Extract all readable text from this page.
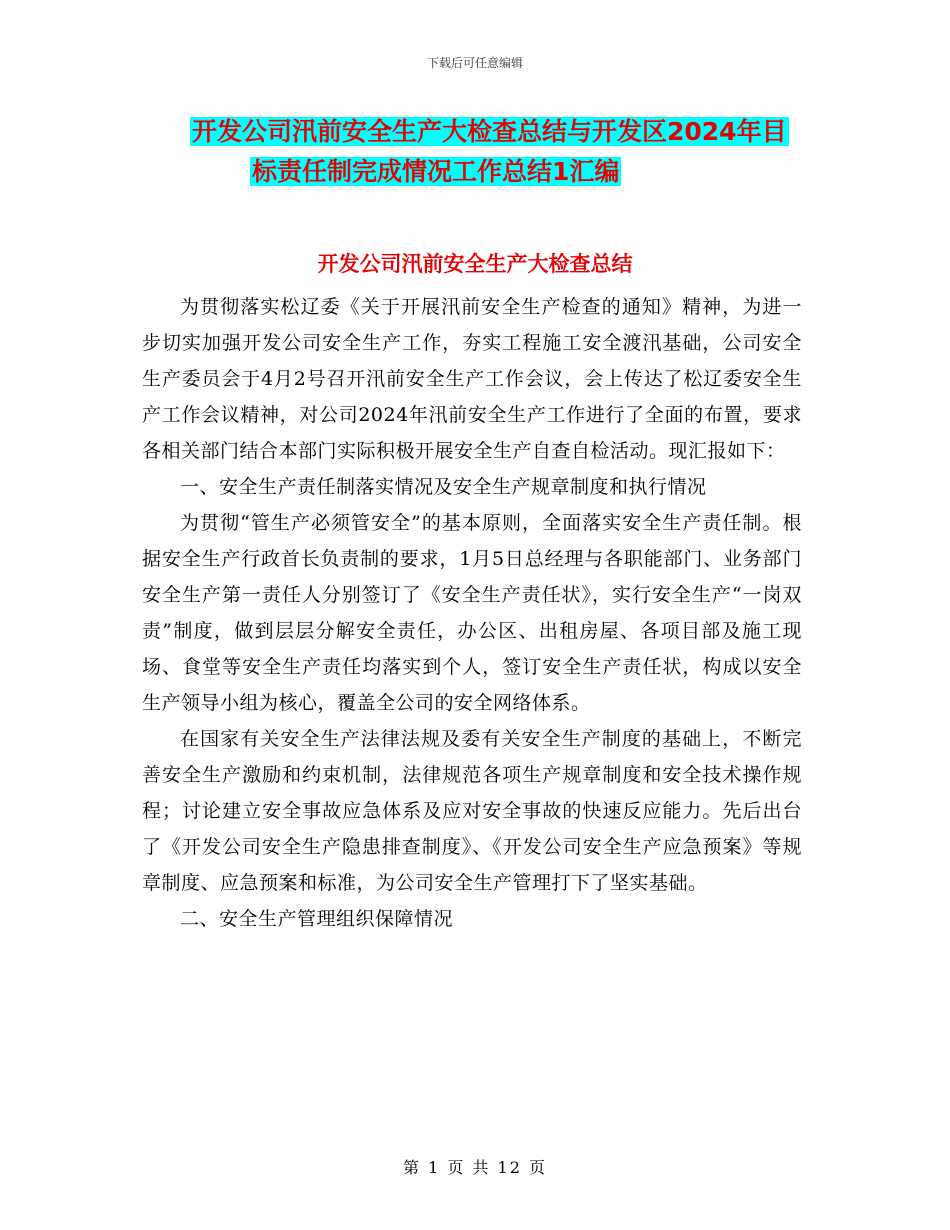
下载后可任意编辑
开发公司汛前安全生产大检查总结与开发区2024年目
标责任制完成情况工作总结1汇编
开发公司汛前安全生产大检查总结

为贯彻落实松辽委《关于开展汛前安全生产检查的通知》精神，为进一步切实加强开发公司安全生产工作，夯实工程施工安全渡汛基础，公司安全生产委员会于4月2号召开汛前安全生产工作会议，会上传达了松辽委安全生产工作会议精神，对公司2024年汛前安全生产工作进行了全面的布置，要求各相关部门结合本部门实际积极开展安全生产自查自检活动。现汇报如下：

一、安全生产责任制落实情况及安全生产规章制度和执行情况

为贯彻“管生产必须管安全”的基本原则，全面落实安全生产责任制。根据安全生产行政首长负责制的要求，1月5日总经理与各职能部门、业务部门安全生产第一责任人分别签订了《安全生产责任状》，实行安全生产“一岗双责”制度，做到层层分解安全责任，办公区、出租房屋、各项目部及施工现场、食堂等安全生产责任均落实到个人，签订安全生产责任状，构成以安全生产领导小组为核心，覆盖全公司的安全网络体系。

在国家有关安全生产法律法规及委有关安全生产制度的基础上，不断完善安全生产激励和约束机制，法律规范各项生产规章制度和安全技术操作规程；讨论建立安全事故应急体系及应对安全事故的快速反应能力。先后出台了《开发公司安全生产隐患排查制度》、《开发公司安全生产应急预案》等规章制度、应急预案和标准，为公司安全生产管理打下了坚实基础。

二、安全生产管理组织保障情况

第 1 页 共 12 页
